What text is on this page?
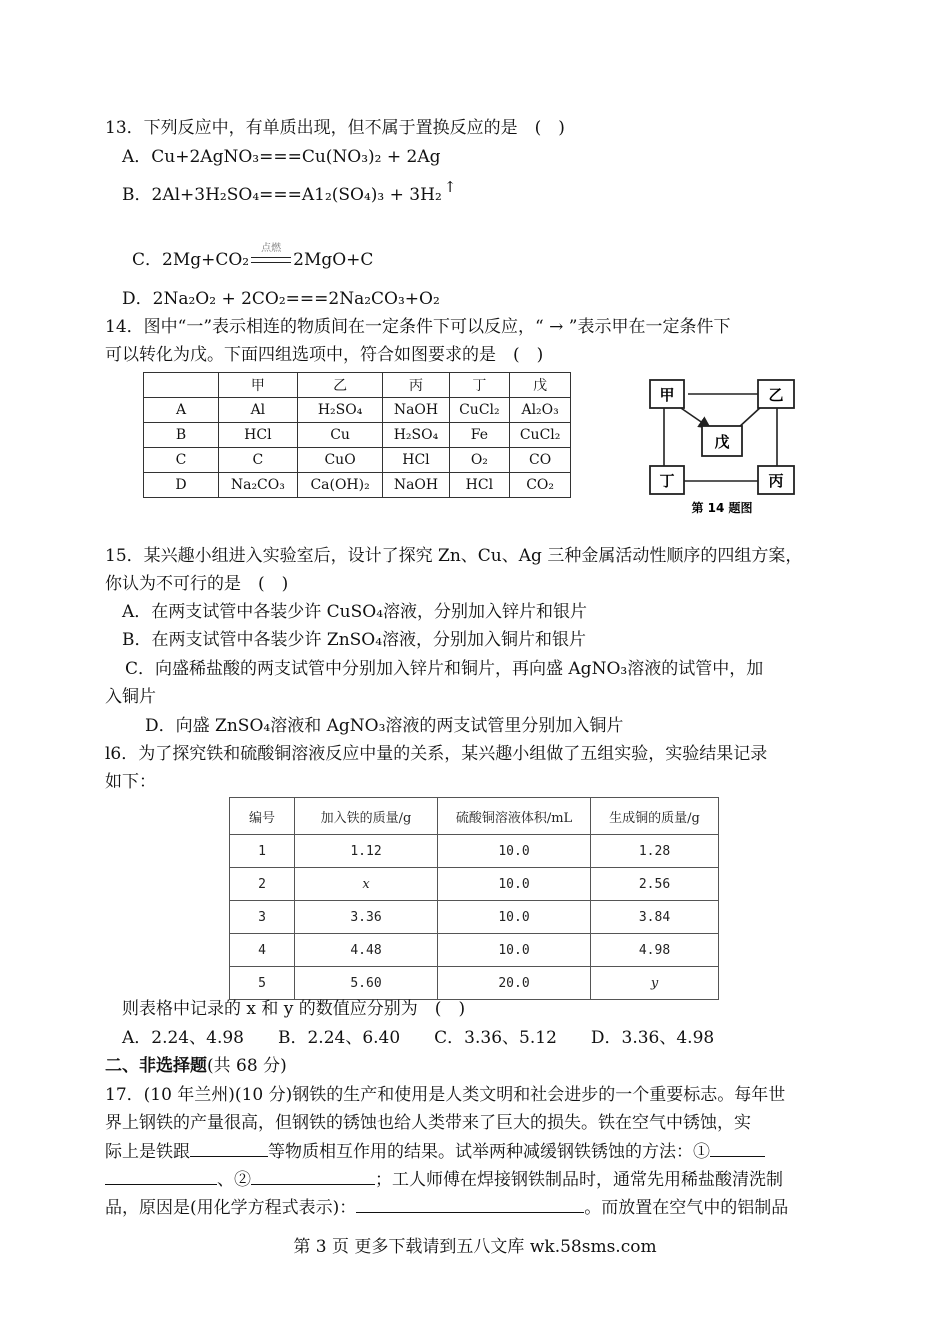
13．下列反应中，有单质出现，但不属于置换反应的是　(　)
A．Cu+2AgNO₃===Cu(NO₃)₂ + 2Ag
B．2Al+3H₂SO₄===A1₂(SO₄)₃ + 3H₂ ↑
C．2Mg+CO₂
点燃
2MgO+C
D．2Na₂O₂ + 2CO₂===2Na₂CO₃+O₂
14．图中“一”表示相连的物质间在一定条件下可以反应，“ → ”表示甲在一定条件下
可以转化为戊。下面四组选项中，符合如图要求的是　(　)
	甲	乙	丙	丁	戊
A	Al	H₂SO₄	NaOH	CuCl₂	Al₂O₃
B	HCl	Cu	H₂SO₄	Fe	CuCl₂
C	C	CuO	HCl	O₂	CO
D	Na₂CO₃	Ca(OH)₂	NaOH	HCl	CO₂
甲	乙
戊
丁	丙
第 14 题图
15．某兴趣小组进入实验室后，设计了探究 Zn、Cu、Ag 三种金属活动性顺序的四组方案，
你认为不可行的是　(　)
A．在两支试管中各装少许 CuSO₄溶液，分别加入锌片和银片
B．在两支试管中各装少许 ZnSO₄溶液，分别加入铜片和银片
C．向盛稀盐酸的两支试管中分别加入锌片和铜片，再向盛 AgNO₃溶液的试管中，加
入铜片
D．向盛 ZnSO₄溶液和 AgNO₃溶液的两支试管里分别加入铜片
l6．为了探究铁和硫酸铜溶液反应中量的关系，某兴趣小组做了五组实验，实验结果记录
如下：
编号	加入铁的质量/g	硫酸铜溶液体积/mL	生成铜的质量/g
1	1.12	10.0	1.28
2	x	10.0	2.56
3	3.36	10.0	3.84
4	4.48	10.0	4.98
5	5.60	20.0	y
则表格中记录的 x 和 y 的数值应分别为　(　)
A．2.24、4.98　　B．2.24、6.40　　C．3.36、5.12　　D．3.36、4.98
二、非选择题(共 68 分)
17．(10 年兰州)(10 分)钢铁的生产和使用是人类文明和社会进步的一个重要标志。每年世
界上钢铁的产量很高，但钢铁的锈蚀也给人类带来了巨大的损失。铁在空气中锈蚀，实
际上是铁跟	等物质相互作用的结果。试举两种减缓钢铁锈蚀的方法：①
、②	；工人师傅在焊接钢铁制品时，通常先用稀盐酸清洗制
品，原因是(用化学方程式表示)：	。而放置在空气中的铝制品
第 3 页 更多下载请到五八文库 wk.58sms.com
